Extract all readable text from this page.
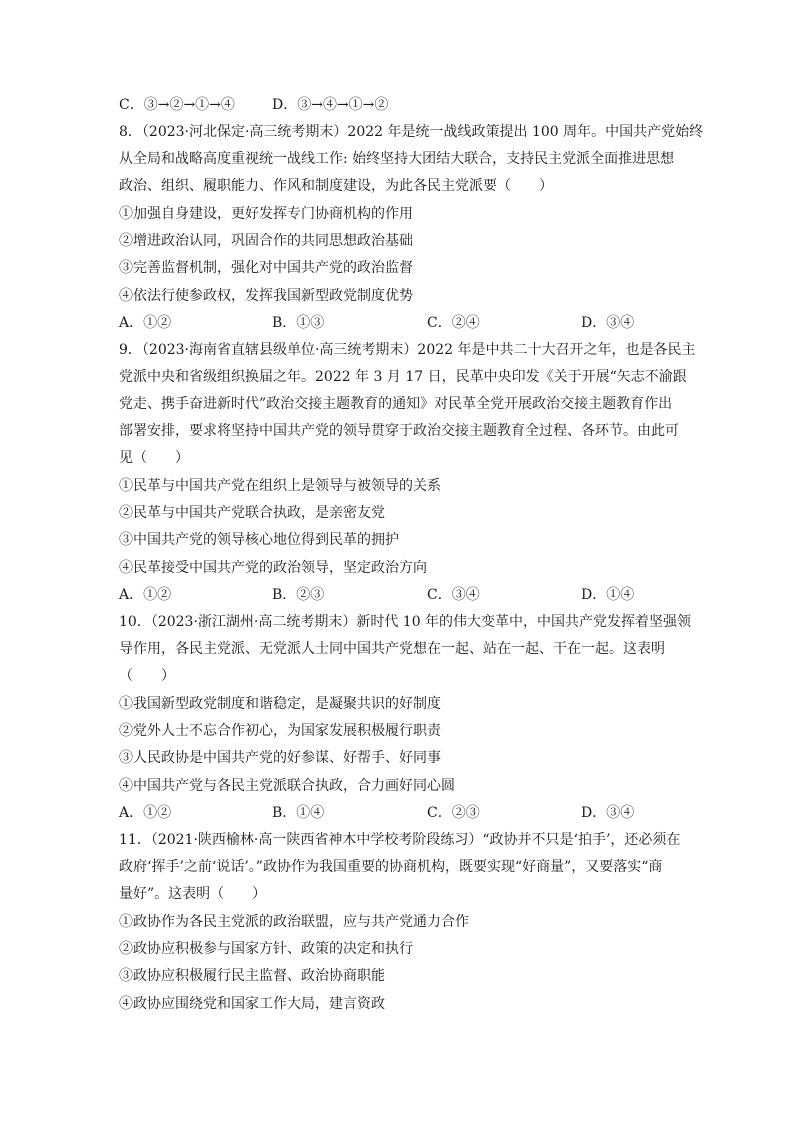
C．③→②→①→④	D．③→④→①→②
8．（2023·河北保定·高三统考期末）2022 年是统一战线政策提出 100 周年。中国共产党始终
从全局和战略高度重视统一战线工作: 始终坚持大团结大联合，支持民主党派全面推进思想
政治、组织、履职能力、作风和制度建设，为此各民主党派要（　　）
①加强自身建设，更好发挥专门协商机构的作用
②增进政治认同，巩固合作的共同思想政治基础
③完善监督机制，强化对中国共产党的政治监督
④依法行使参政权，发挥我国新型政党制度优势
A．①②	B．①③	C．②④	D．③④
9．（2023·海南省直辖县级单位·高三统考期末）2022 年是中共二十大召开之年，也是各民主
党派中央和省级组织换届之年。2022 年 3 月 17 日，民革中央印发《关于开展“矢志不渝跟
党走、携手奋进新时代”政治交接主题教育的通知》对民革全党开展政治交接主题教育作出
部署安排，要求将坚持中国共产党的领导贯穿于政治交接主题教育全过程、各环节。由此可
见（　　）
①民革与中国共产党在组织上是领导与被领导的关系
②民革与中国共产党联合执政，是亲密友党
③中国共产党的领导核心地位得到民革的拥护
④民革接受中国共产党的政治领导，坚定政治方向
A．①②	B．②③	C．③④	D．①④
10．（2023·浙江湖州·高二统考期末）新时代 10 年的伟大变革中，中国共产党发挥着坚强领
导作用，各民主党派、无党派人士同中国共产党想在一起、站在一起、干在一起。这表明
（　　）
①我国新型政党制度和谐稳定，是凝聚共识的好制度
②党外人士不忘合作初心，为国家发展积极履行职责
③人民政协是中国共产党的好参谋、好帮手、好同事
④中国共产党与各民主党派联合执政，合力画好同心圆
A．①②	B．①④	C．②③	D．③④
11．（2021·陕西榆林·高一陕西省神木中学校考阶段练习）“政协并不只是‘拍手’，还必须在
政府‘挥手’之前‘说话’。”政协作为我国重要的协商机构，既要实现“好商量”，又要落实“商
量好”。这表明（　　）
①政协作为各民主党派的政治联盟，应与共产党通力合作
②政协应积极参与国家方针、政策的决定和执行
③政协应积极履行民主监督、政治协商职能
④政协应围绕党和国家工作大局，建言资政
